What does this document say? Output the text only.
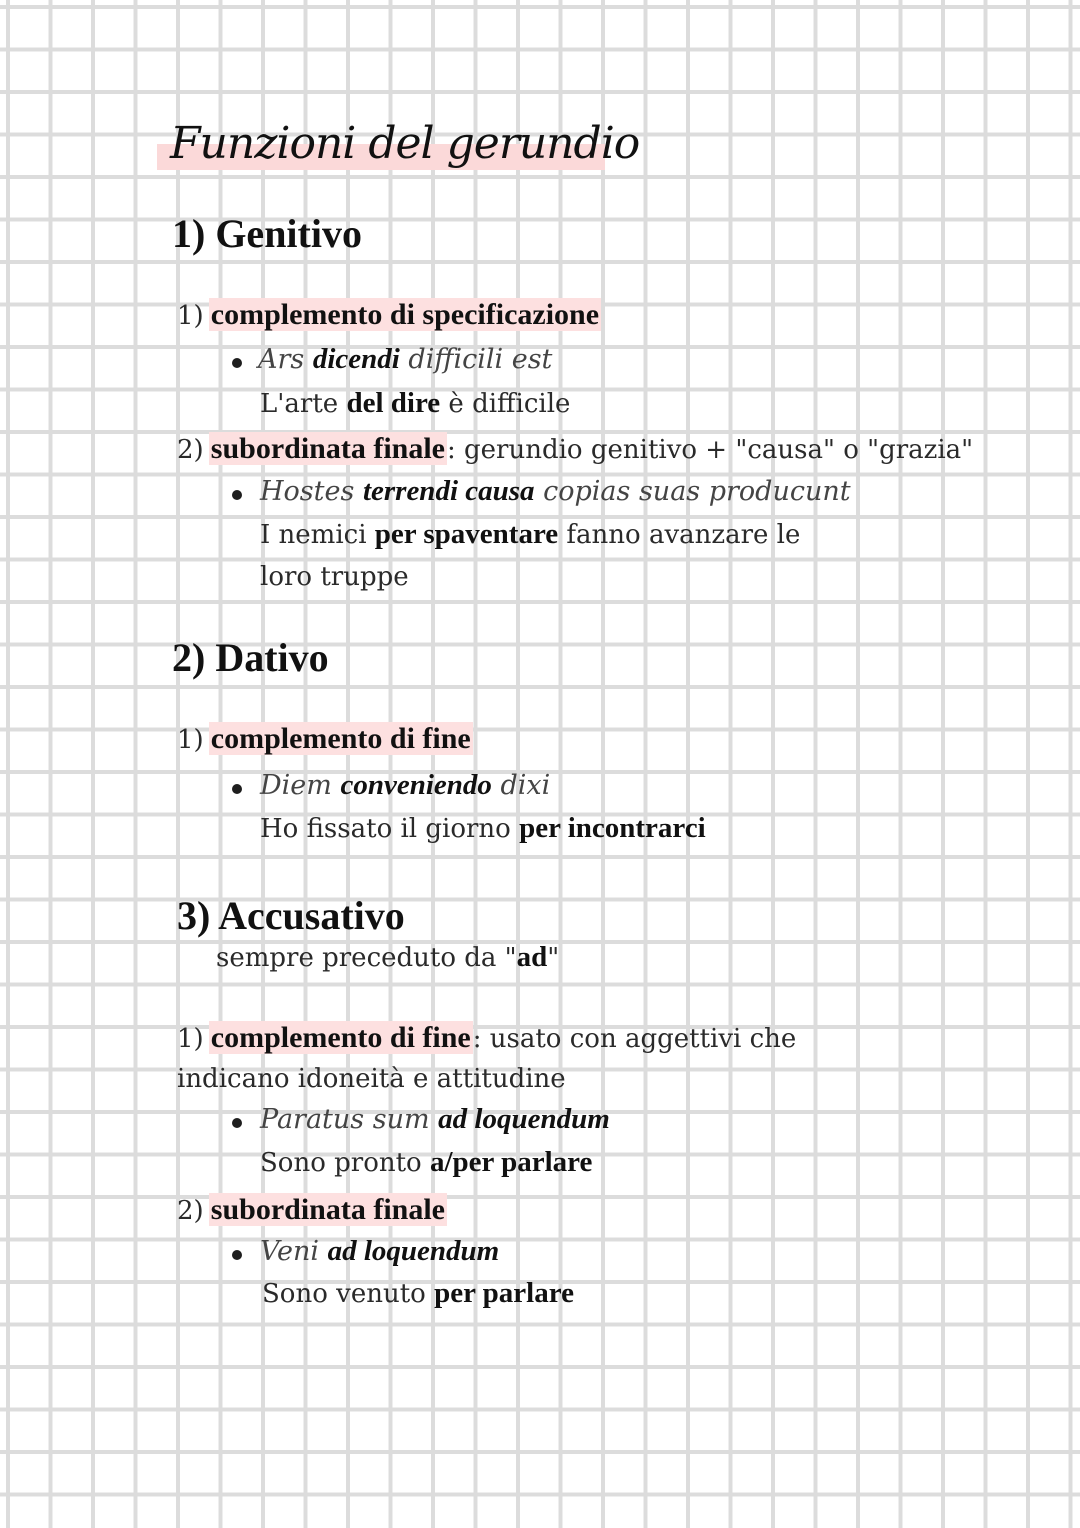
Funzioni del gerundio
1) Genitivo
1) complemento di specificazione
Ars dicendi difficili est
L'arte del dire è difficile
2) subordinata finale: gerundio genitivo + "causa" o "grazia"
Hostes terrendi causa copias suas producunt
I nemici per spaventare fanno avanzare le
loro truppe
2) Dativo
1) complemento di fine
Diem conveniendo dixi
Ho fissato il giorno per incontrarci
3) Accusativo
sempre preceduto da "ad"
1) complemento di fine: usato con aggettivi che
indicano idoneità e attitudine
Paratus sum ad loquendum
Sono pronto a/per parlare
2) subordinata finale
Veni ad loquendum
Sono venuto per parlare
